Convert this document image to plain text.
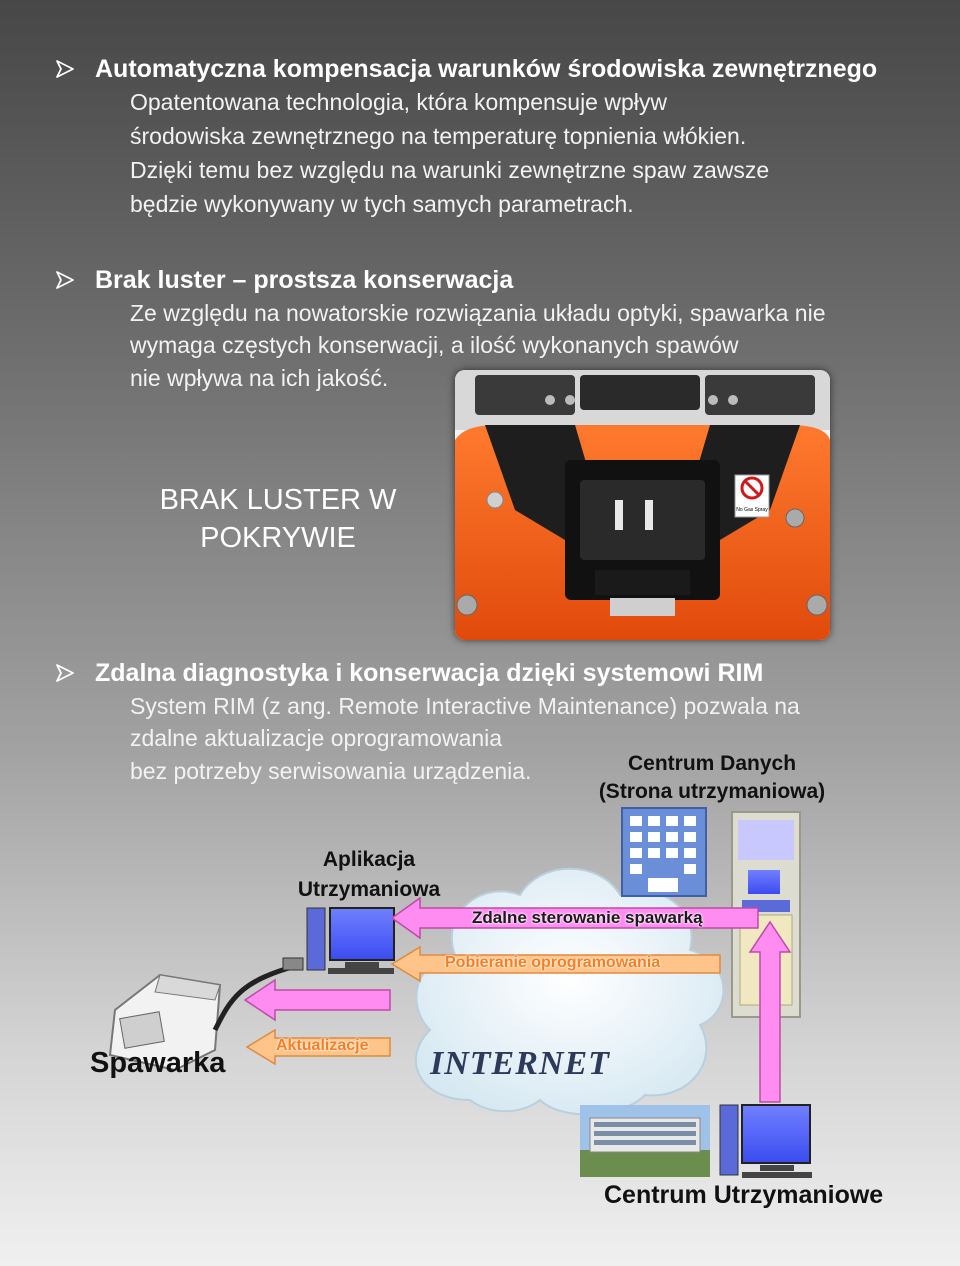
Automatyczna kompensacja warunków środowiska zewnętrznego
Opatentowana technologia, która kompensuje wpływ
środowiska zewnętrznego na temperaturę topnienia włókien.
Dzięki temu bez względu na warunki zewnętrzne spaw zawsze
będzie wykonywany w tych samych parametrach.
Brak luster – prostsza konserwacja
Ze względu na nowatorskie rozwiązania układu optyki, spawarka nie
wymaga częstych konserwacji, a ilość wykonanych spawów
nie wpływa na ich jakość.
BRAK LUSTER W
POKRYWIE
No Gas Spray
Zdalna diagnostyka i konserwacja dzięki systemowi RIM
System RIM (z ang. Remote Interactive Maintenance) pozwala na
zdalne aktualizacje oprogramowania
bez potrzeby serwisowania urządzenia.	Centrum Danych
(Strona utrzymaniowa)
Aplikacja
Utrzymaniowa
Zdalne sterowanie spawarką
Pobieranie oprogramowania
Aktualizacje INTERNET
Spawarka
Centrum Utrzymaniowe
